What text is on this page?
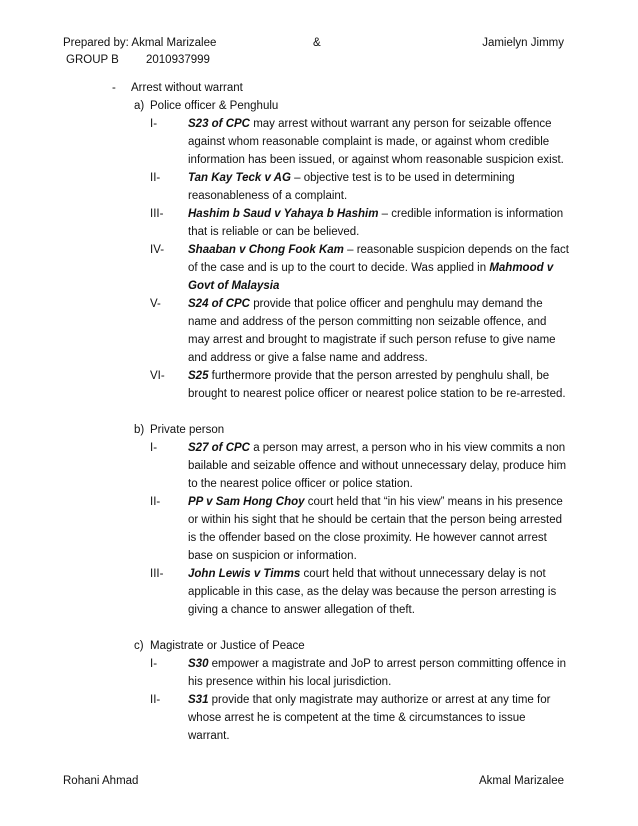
Prepared by: Akmal Marizalee	&	Jamielyn Jimmy
GROUP B 2010937999
- Arrest without warrant
a) Police officer & Penghulu
I-	S23 of CPC may arrest without warrant any person for seizable offence against whom reasonable complaint is made, or against whom credible information has been issued, or against whom reasonable suspicion exist.
II- Tan Kay Teck v AG – objective test is to be used in determining reasonableness of a complaint.
III- Hashim b Saud v Yahaya b Hashim – credible information is information that is reliable or can be believed.
IV- Shaaban v Chong Fook Kam – reasonable suspicion depends on the fact of the case and is up to the court to decide. Was applied in Mahmood v Govt of Malaysia
V- S24 of CPC provide that police officer and penghulu may demand the name and address of the person committing non seizable offence, and may arrest and brought to magistrate if such person refuse to give name and address or give a false name and address.
VI- S25 furthermore provide that the person arrested by penghulu shall, be brought to nearest police officer or nearest police station to be re-arrested.
b) Private person
I-	S27 of CPC a person may arrest, a person who in his view commits a non bailable and seizable offence and without unnecessary delay, produce him to the nearest police officer or police station.
II- PP v Sam Hong Choy court held that “in his view” means in his presence or within his sight that he should be certain that the person being arrested is the offender based on the close proximity. He however cannot arrest base on suspicion or information.
III- John Lewis v Timms court held that without unnecessary delay is not applicable in this case, as the delay was because the person arresting is giving a chance to answer allegation of theft.
c) Magistrate or Justice of Peace
I-	S30 empower a magistrate and JoP to arrest person committing offence in his presence within his local jurisdiction.
II- S31 provide that only magistrate may authorize or arrest at any time for whose arrest he is competent at the time & circumstances to issue warrant.
Rohani Ahmad	Akmal Marizalee
